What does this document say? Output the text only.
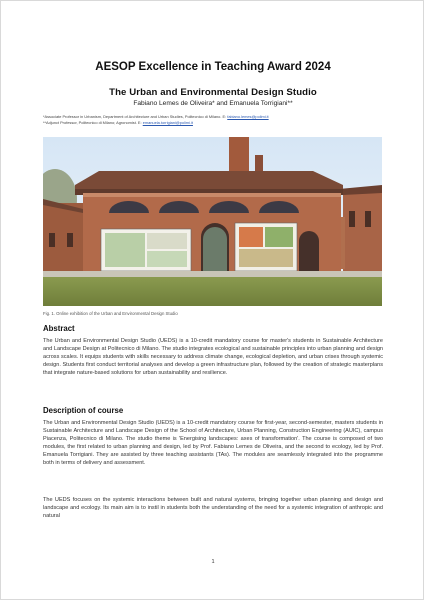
AESOP Excellence in Teaching Award 2024
The Urban and Environmental Design Studio
Fabiano Lemes de Oliveira* and Emanuela Torrigiani**
*Associate Professor in Urbanism, Department of Architecture and Urban Studies, Politecnico di Milano. E: fabiano.lemes@polimi.it
**Adjunct Professor, Politecnico di Milano; Agronomist. E: emanuela.torrigiani@polimi.it
Fig. 1. Online exhibition of the Urban and Environmental Design Studio
Abstract
The Urban and Environmental Design Studio (UEDS) is a 10-credit mandatory course for master's students in Sustainable Architecture and Landscape Design at Politecnico di Milano. The studio integrates ecological and sustainable principles into urban planning and design across scales. It equips students with skills necessary to address climate change, ecological depletion, and urban crises through systemic design. Students first conduct territorial analyses and develop a green infrastructure plan, followed by the creation of strategic masterplans that integrate nature-based solutions for urban sustainability and resilience.
Description of course
The Urban and Environmental Design Studio (UEDS) is a 10-credit mandatory course for first-year, second-semester, masters students in Sustainable Architecture and Landscape Design of the School of Architecture, Urban Planning, Construction Engineering (AUIC), campus Piacenza, Politecnico di Milano. The studio theme is 'Energising landscapes: axes of transformation'. The course is composed of two modules, the first related to urban planning and design, led by Prof. Fabiano Lemes de Oliveira, and the second to ecology, led by Prof. Emanuela Torrigiani. They are assisted by three teaching assistants (TAs). The modules are seamlessly integrated into the programme both in terms of delivery and assessment.
The UEDS focuses on the systemic interactions between built and natural systems, bringing together urban planning and design and landscape and ecology. Its main aim is to instil in students both the understanding of the need for a systemic integration of anthropic and natural
1
